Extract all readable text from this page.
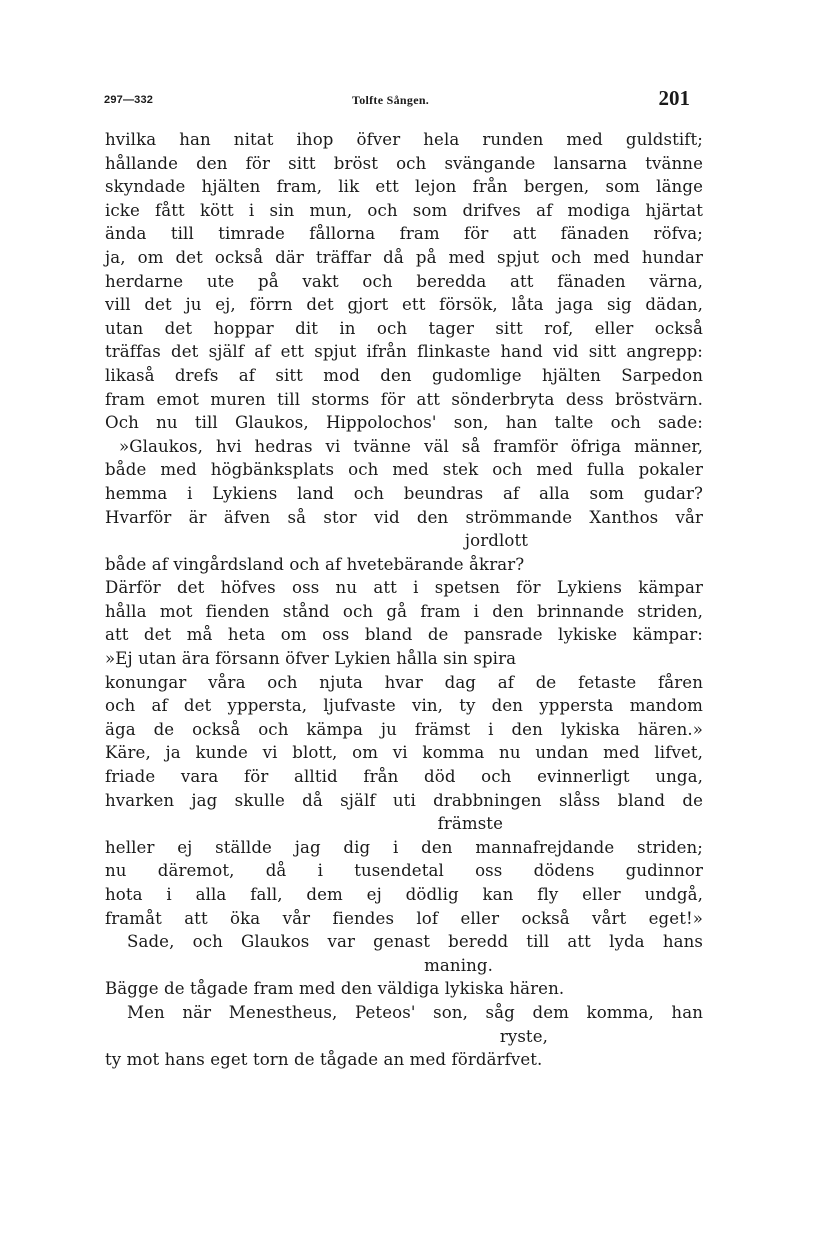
297—332	Tolfte Sången.	201
hvilka han nitat ihop öfver hela runden med guldstift;
hållande den för sitt bröst och svängande lansarna tvänne
skyndade hjälten fram, lik ett lejon från bergen, som länge
icke fått kött i sin mun, och som drifves af modiga hjärtat
ända till timrade fållorna fram för att fänaden röfva;
ja, om det också där träffar då på med spjut och med hundar
herdarne ute på vakt och beredda att fänaden värna,
vill det ju ej, förrn det gjort ett försök, låta jaga sig dädan,
utan det hoppar dit in och tager sitt rof, eller också
träffas det själf af ett spjut ifrån flinkaste hand vid sitt angrepp:
likaså drefs af sitt mod den gudomlige hjälten Sarpedon
fram emot muren till storms för att sönderbryta dess bröstvärn.
Och nu till Glaukos, Hippolochos' son, han talte och sade:
»Glaukos, hvi hedras vi tvänne väl så framför öfriga männer,
både med högbänksplats och med stek och med fulla pokaler
hemma i Lykiens land och beundras af alla som gudar?
Hvarför är äfven så stor vid den strömmande Xanthos vår
jordlott
både af vingårdsland och af hvetebärande åkrar?
Därför det höfves oss nu att i spetsen för Lykiens kämpar
hålla mot fienden stånd och gå fram i den brinnande striden,
att det må heta om oss bland de pansrade lykiske kämpar:
»Ej utan ära försann öfver Lykien hålla sin spira
konungar våra och njuta hvar dag af de fetaste fåren
och af det yppersta, ljufvaste vin, ty den yppersta mandom
äga de också och kämpa ju främst i den lykiska hären.»
Käre, ja kunde vi blott, om vi komma nu undan med lifvet,
friade vara för alltid från död och evinnerligt unga,
hvarken jag skulle då själf uti drabbningen slåss bland de
främste
heller ej ställde jag dig i den mannafrejdande striden;
nu däremot, då i tusendetal oss dödens gudinnor
hota i alla fall, dem ej dödlig kan fly eller undgå,
framåt att öka vår fiendes lof eller också vårt eget!»
Sade, och Glaukos var genast beredd till att lyda hans
maning.
Bägge de tågade fram med den väldiga lykiska hären.
Men när Menestheus, Peteos' son, såg dem komma, han
ryste,
ty mot hans eget torn de tågade an med fördärfvet.
